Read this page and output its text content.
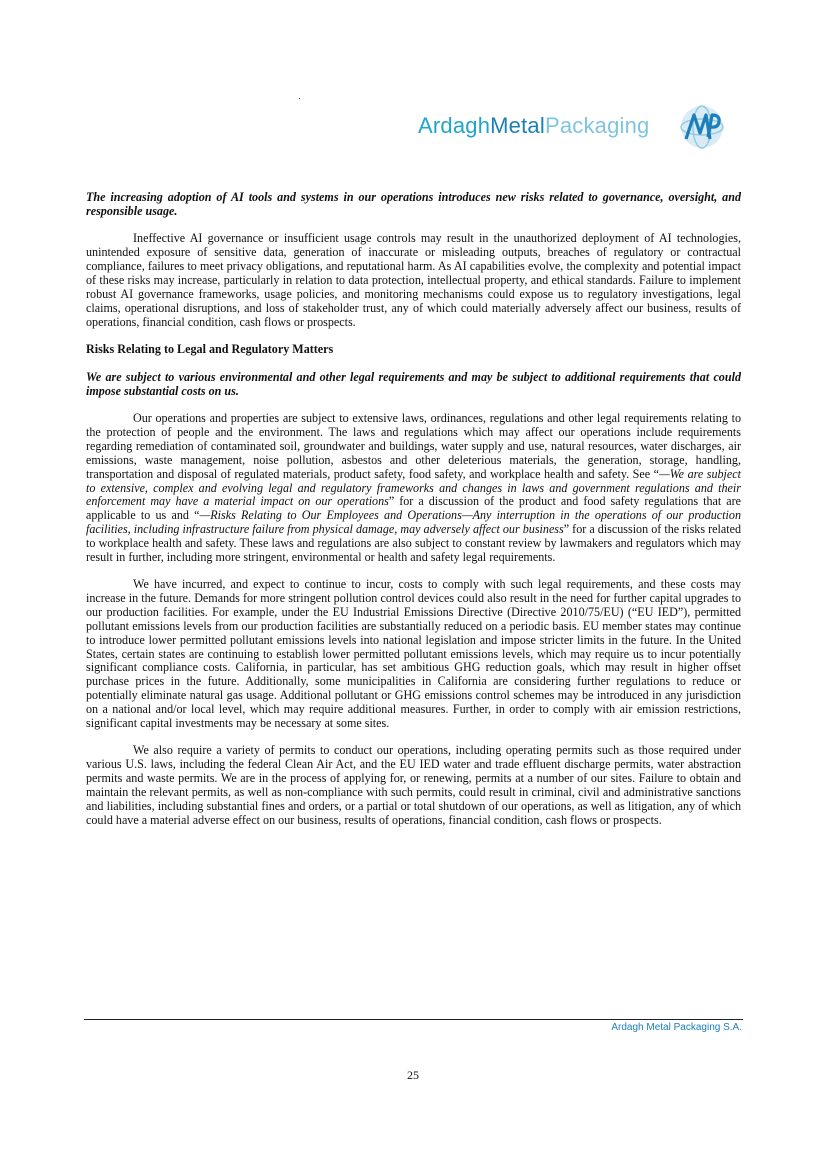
ArdaghMetalPackaging

The increasing adoption of AI tools and systems in our operations introduces new risks related to governance, oversight, and responsible usage.

Ineffective AI governance or insufficient usage controls may result in the unauthorized deployment of AI technologies, unintended exposure of sensitive data, generation of inaccurate or misleading outputs, breaches of regulatory or contractual compliance, failures to meet privacy obligations, and reputational harm. As AI capabilities evolve, the complexity and potential impact of these risks may increase, particularly in relation to data protection, intellectual property, and ethical standards. Failure to implement robust AI governance frameworks, usage policies, and monitoring mechanisms could expose us to regulatory investigations, legal claims, operational disruptions, and loss of stakeholder trust, any of which could materially adversely affect our business, results of operations, financial condition, cash flows or prospects.

Risks Relating to Legal and Regulatory Matters

We are subject to various environmental and other legal requirements and may be subject to additional requirements that could impose substantial costs on us.

Our operations and properties are subject to extensive laws, ordinances, regulations and other legal requirements relating to the protection of people and the environment. The laws and regulations which may affect our operations include requirements regarding remediation of contaminated soil, groundwater and buildings, water supply and use, natural resources, water discharges, air emissions, waste management, noise pollution, asbestos and other deleterious materials, the generation, storage, handling, transportation and disposal of regulated materials, product safety, food safety, and workplace health and safety. See “—We are subject to extensive, complex and evolving legal and regulatory frameworks and changes in laws and government regulations and their enforcement may have a material impact on our operations” for a discussion of the product and food safety regulations that are applicable to us and “—Risks Relating to Our Employees and Operations—Any interruption in the operations of our production facilities, including infrastructure failure from physical damage, may adversely affect our business” for a discussion of the risks related to workplace health and safety. These laws and regulations are also subject to constant review by lawmakers and regulators which may result in further, including more stringent, environmental or health and safety legal requirements.

We have incurred, and expect to continue to incur, costs to comply with such legal requirements, and these costs may increase in the future. Demands for more stringent pollution control devices could also result in the need for further capital upgrades to our production facilities. For example, under the EU Industrial Emissions Directive (Directive 2010/75/EU) (“EU IED”), permitted pollutant emissions levels from our production facilities are substantially reduced on a periodic basis. EU member states may continue to introduce lower permitted pollutant emissions levels into national legislation and impose stricter limits in the future. In the United States, certain states are continuing to establish lower permitted pollutant emissions levels, which may require us to incur potentially significant compliance costs. California, in particular, has set ambitious GHG reduction goals, which may result in higher offset purchase prices in the future. Additionally, some municipalities in California are considering further regulations to reduce or potentially eliminate natural gas usage. Additional pollutant or GHG emissions control schemes may be introduced in any jurisdiction on a national and/or local level, which may require additional measures. Further, in order to comply with air emission restrictions, significant capital investments may be necessary at some sites.

We also require a variety of permits to conduct our operations, including operating permits such as those required under various U.S. laws, including the federal Clean Air Act, and the EU IED water and trade effluent discharge permits, water abstraction permits and waste permits. We are in the process of applying for, or renewing, permits at a number of our sites. Failure to obtain and maintain the relevant permits, as well as non-compliance with such permits, could result in criminal, civil and administrative sanctions and liabilities, including substantial fines and orders, or a partial or total shutdown of our operations, as well as litigation, any of which could have a material adverse effect on our business, results of operations, financial condition, cash flows or prospects.

Ardagh Metal Packaging S.A.
25
